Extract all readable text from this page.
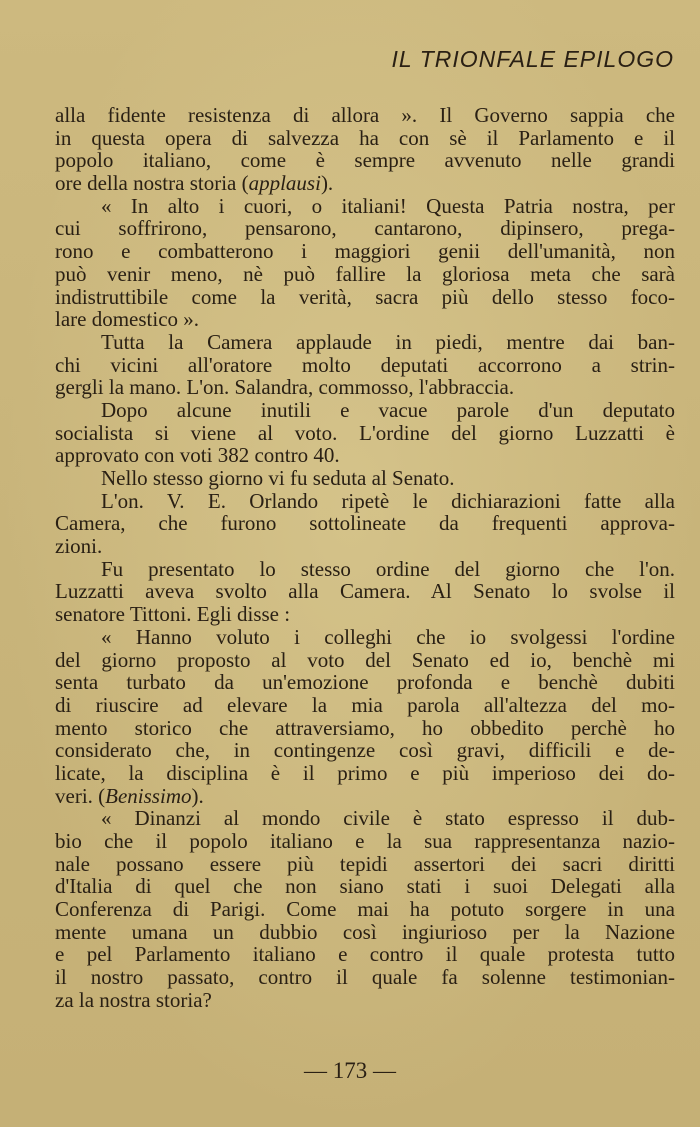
IL TRIONFALE EPILOGO
alla fidente resistenza di allora ». Il Governo sappia che
in questa opera di salvezza ha con sè il Parlamento e il
popolo italiano, come è sempre avvenuto nelle grandi
ore della nostra storia (applausi).
« In alto i cuori, o italiani! Questa Patria nostra, per
cui soffrirono, pensarono, cantarono, dipinsero, prega-
rono e combatterono i maggiori genii dell'umanità, non
può venir meno, nè può fallire la gloriosa meta che sarà
indistruttibile come la verità, sacra più dello stesso foco-
lare domestico ».
Tutta la Camera applaude in piedi, mentre dai ban-
chi vicini all'oratore molto deputati accorrono a strin-
gergli la mano. L'on. Salandra, commosso, l'abbraccia.
Dopo alcune inutili e vacue parole d'un deputato
socialista si viene al voto. L'ordine del giorno Luzzatti è
approvato con voti 382 contro 40.
Nello stesso giorno vi fu seduta al Senato.
L'on. V. E. Orlando ripetè le dichiarazioni fatte alla
Camera, che furono sottolineate da frequenti approva-
zioni.
Fu presentato lo stesso ordine del giorno che l'on.
Luzzatti aveva svolto alla Camera. Al Senato lo svolse il
senatore Tittoni. Egli disse :
« Hanno voluto i colleghi che io svolgessi l'ordine
del giorno proposto al voto del Senato ed io, benchè mi
senta turbato da un'emozione profonda e benchè dubiti
di riuscire ad elevare la mia parola all'altezza del mo-
mento storico che attraversiamo, ho obbedito perchè ho
considerato che, in contingenze così gravi, difficili e de-
licate, la disciplina è il primo e più imperioso dei do-
veri. (Benissimo).
« Dinanzi al mondo civile è stato espresso il dub-
bio che il popolo italiano e la sua rappresentanza nazio-
nale possano essere più tepidi assertori dei sacri diritti
d'Italia di quel che non siano stati i suoi Delegati alla
Conferenza di Parigi. Come mai ha potuto sorgere in una
mente umana un dubbio così ingiurioso per la Nazione
e pel Parlamento italiano e contro il quale protesta tutto
il nostro passato, contro il quale fa solenne testimonian-
za la nostra storia?
— 173 —
